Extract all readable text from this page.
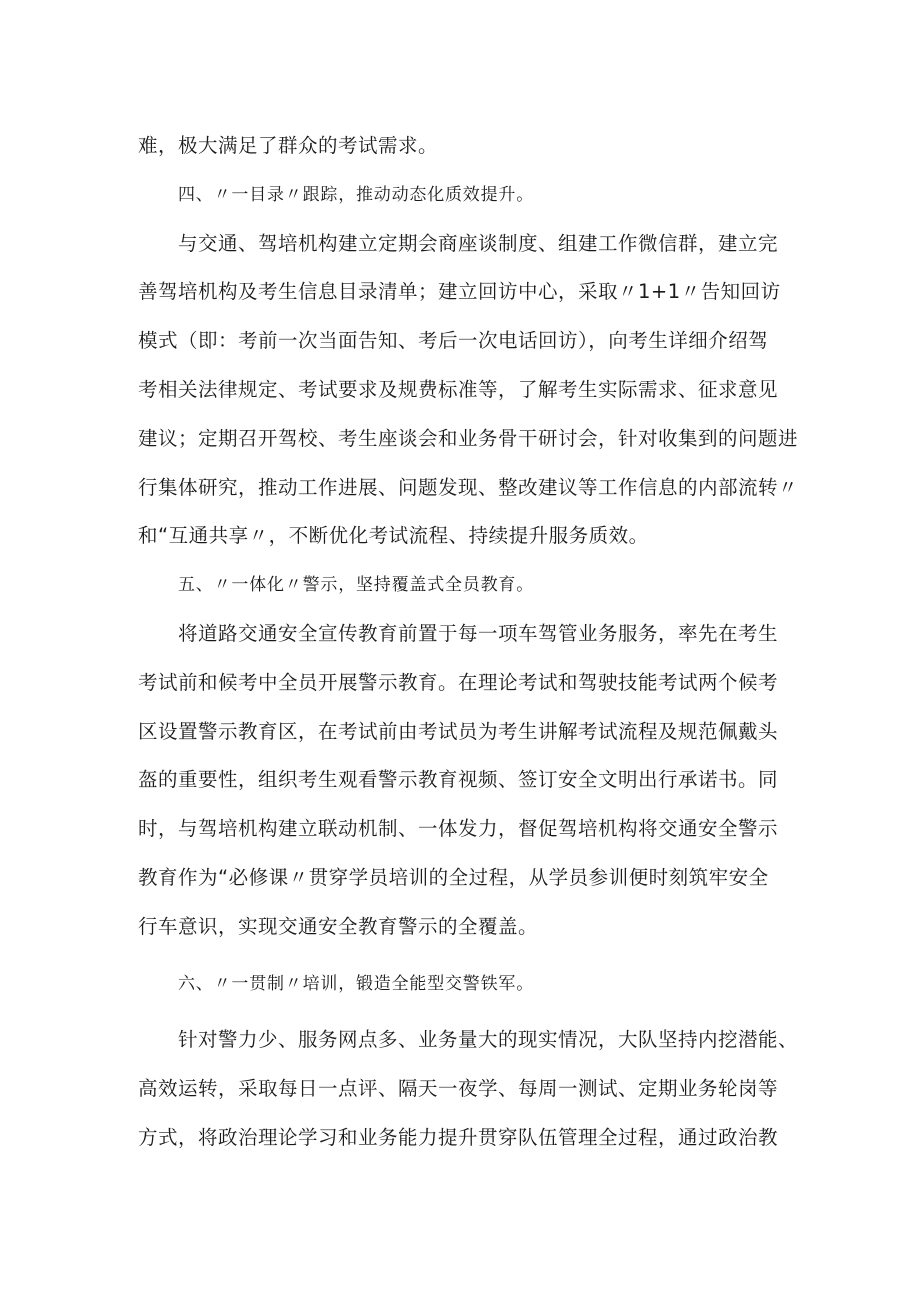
难，极大满足了群众的考试需求。

四、〃一目录〃跟踪，推动动态化质效提升。

与交通、驾培机构建立定期会商座谈制度、组建工作微信群，建立完
善驾培机构及考生信息目录清单；建立回访中心，采取〃1+1〃告知回访
模式（即：考前一次当面告知、考后一次电话回访），向考生详细介绍驾
考相关法律规定、考试要求及规费标准等，了解考生实际需求、征求意见
建议；定期召开驾校、考生座谈会和业务骨干研讨会，针对收集到的问题进
行集体研究，推动工作进展、问题发现、整改建议等工作信息的内部流转〃
和“互通共享〃，不断优化考试流程、持续提升服务质效。

五、〃一体化〃警示，坚持覆盖式全员教育。

将道路交通安全宣传教育前置于每一项车驾管业务服务，率先在考生
考试前和候考中全员开展警示教育。在理论考试和驾驶技能考试两个候考
区设置警示教育区，在考试前由考试员为考生讲解考试流程及规范佩戴头
盔的重要性，组织考生观看警示教育视频、签订安全文明出行承诺书。同
时，与驾培机构建立联动机制、一体发力，督促驾培机构将交通安全警示
教育作为“必修课〃贯穿学员培训的全过程，从学员参训便时刻筑牢安全
行车意识，实现交通安全教育警示的全覆盖。

六、〃一贯制〃培训，锻造全能型交警铁军。

针对警力少、服务网点多、业务量大的现实情况，大队坚持内挖潜能、
高效运转，采取每日一点评、隔天一夜学、每周一测试、定期业务轮岗等
方式，将政治理论学习和业务能力提升贯穿队伍管理全过程，通过政治教
